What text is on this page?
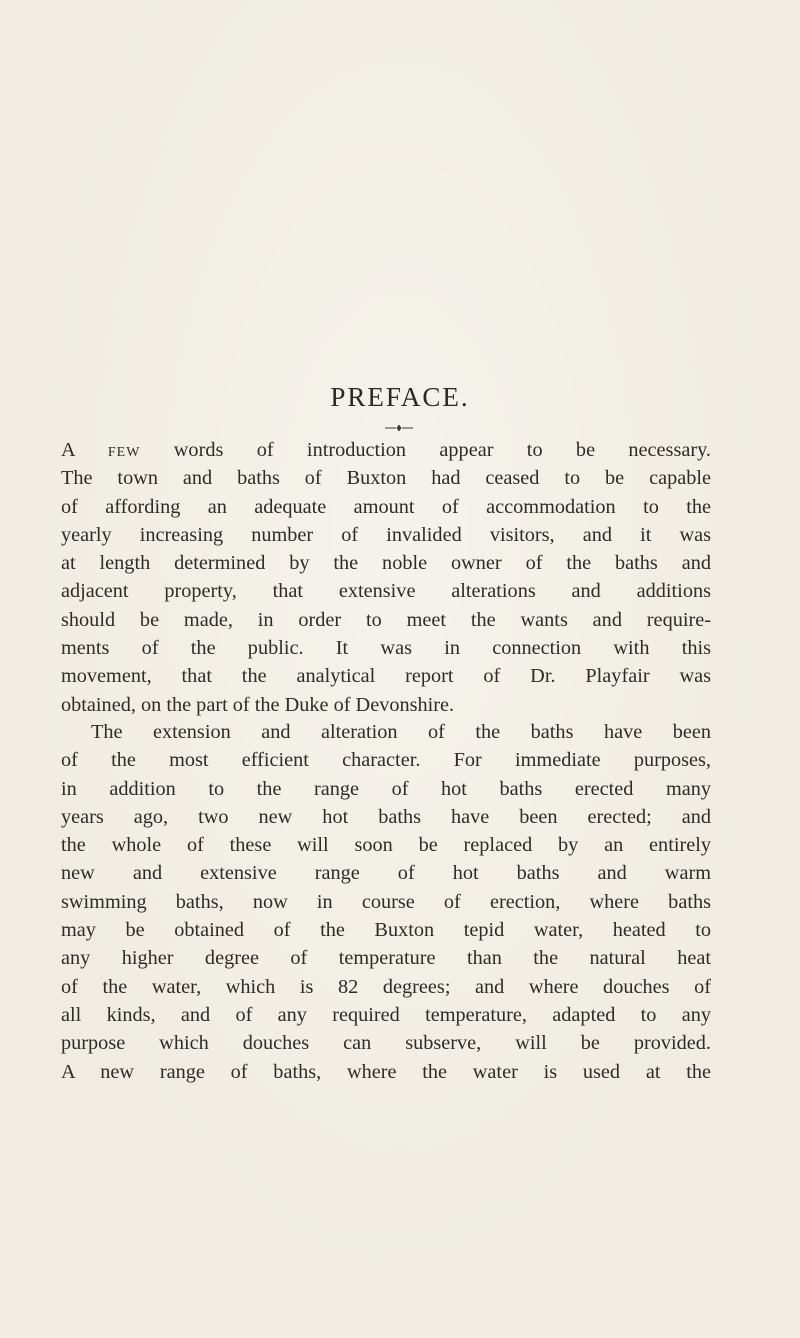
PREFACE.
A few words of introduction appear to be necessary.
The town and baths of Buxton had ceased to be capable
of affording an adequate amount of accommodation to the
yearly increasing number of invalided visitors, and it was
at length determined by the noble owner of the baths and
adjacent property, that extensive alterations and additions
should be made, in order to meet the wants and require-
ments of the public. It was in connection with this
movement, that the analytical report of Dr. Playfair was
obtained, on the part of the Duke of Devonshire.
The extension and alteration of the baths have been
of the most efficient character. For immediate purposes,
in addition to the range of hot baths erected many
years ago, two new hot baths have been erected; and
the whole of these will soon be replaced by an entirely
new and extensive range of hot baths and warm
swimming baths, now in course of erection, where baths
may be obtained of the Buxton tepid water, heated to
any higher degree of temperature than the natural heat
of the water, which is 82 degrees; and where douches of
all kinds, and of any required temperature, adapted to any
purpose which douches can subserve, will be provided.
A new range of baths, where the water is used at the
